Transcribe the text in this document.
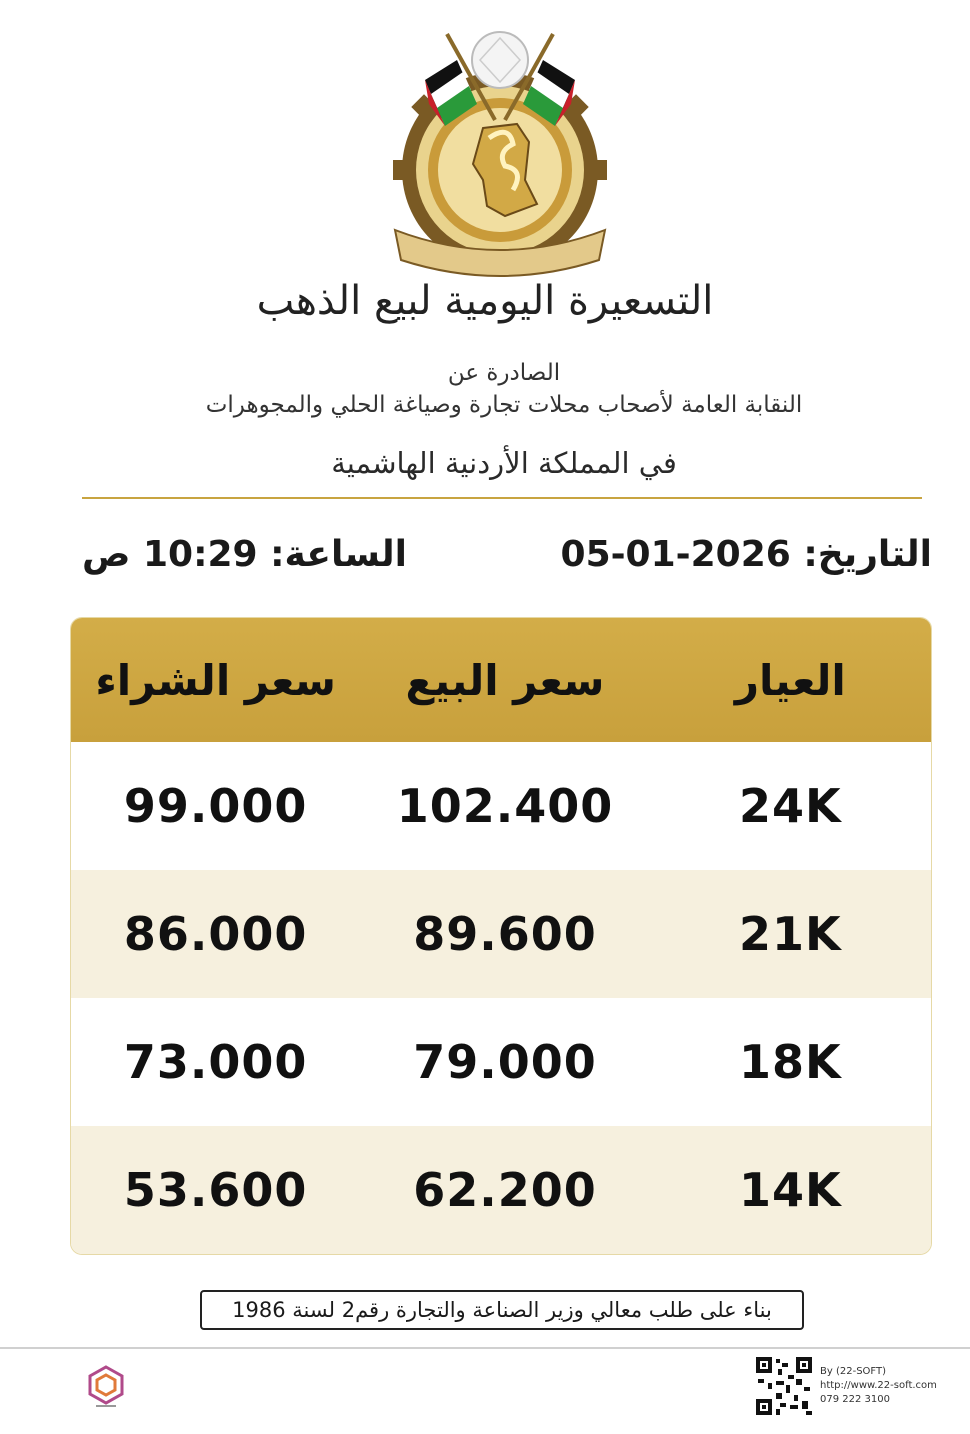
التسعيرة اليومية لبيع الذهب
الصادرة عن
النقابة العامة لأصحاب محلات تجارة وصياغة الحلي والمجوهرات
في المملكة الأردنية الهاشمية
التاريخ: 05-01-2026
الساعة: 10:29 ص
العيار
سعر البيع
سعر الشراء
24K
102.400
99.000
21K
89.600
86.000
18K
79.000
73.000
14K
62.200
53.600
بناء على طلب معالي وزير الصناعة والتجارة رقم2 لسنة 1986
By (22-SOFT)
http://www.22-soft.com
079 222 3100
